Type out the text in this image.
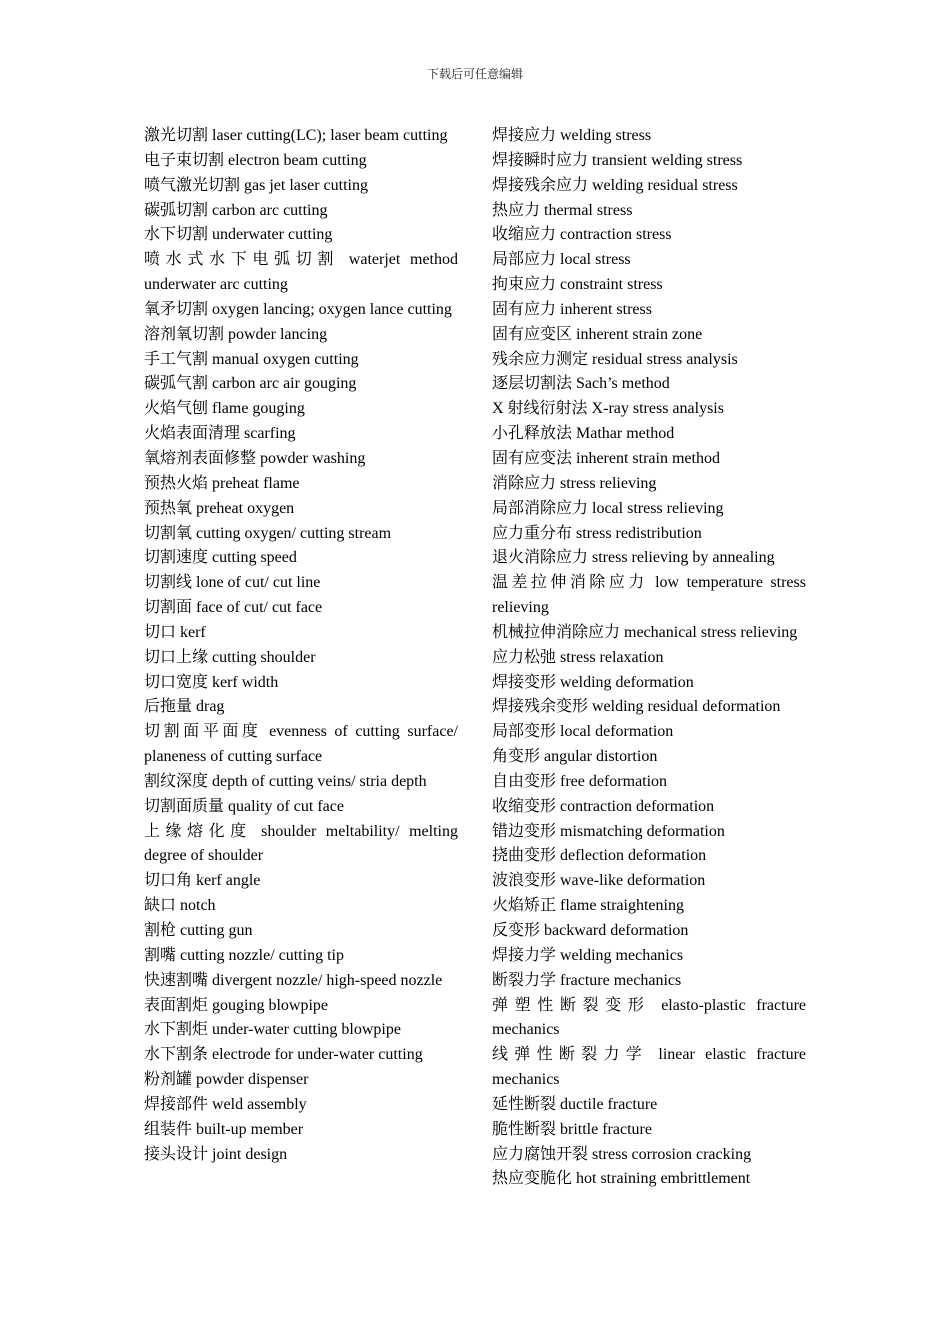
下载后可任意编辑
激光切割 laser cutting(LC); laser beam cutting
电子束切割 electron beam cutting
喷气激光切割 gas jet laser cutting
碳弧切割 carbon arc cutting
水下切割 underwater cutting
喷水式水下电弧切割 waterjet method underwater arc cutting
氧矛切割 oxygen lancing; oxygen lance cutting
溶剂氧切割 powder lancing
手工气割 manual oxygen cutting
碳弧气割 carbon arc air gouging
火焰气刨 flame gouging
火焰表面清理 scarfing
氧熔剂表面修整 powder washing
预热火焰 preheat flame
预热氧 preheat oxygen
切割氧 cutting oxygen/ cutting stream
切割速度 cutting speed
切割线 lone of cut/ cut line
切割面 face of cut/ cut face
切口 kerf
切口上缘 cutting shoulder
切口宽度 kerf width
后拖量 drag
切割面平面度 evenness of cutting surface/ planeness of cutting surface
割纹深度 depth of cutting veins/ stria depth
切割面质量 quality of cut face
上缘熔化度 shoulder meltability/ melting degree of shoulder
切口角 kerf angle
缺口 notch
割枪 cutting gun
割嘴 cutting nozzle/ cutting tip
快速割嘴 divergent nozzle/ high-speed nozzle
表面割炬 gouging blowpipe
水下割炬 under-water cutting blowpipe
水下割条 electrode for under-water cutting
粉剂罐 powder dispenser
焊接部件 weld assembly
组装件 built-up member
接头设计 joint design
焊接应力 welding stress
焊接瞬时应力 transient welding stress
焊接残余应力 welding residual stress
热应力 thermal stress
收缩应力 contraction stress
局部应力 local stress
拘束应力 constraint stress
固有应力 inherent stress
固有应变区 inherent strain zone
残余应力测定 residual stress analysis
逐层切割法 Sach’s method
X 射线衍射法 X-ray stress analysis
小孔释放法 Mathar method
固有应变法 inherent strain method
消除应力 stress relieving
局部消除应力 local stress relieving
应力重分布 stress redistribution
退火消除应力 stress relieving by annealing
温差拉伸消除应力 low temperature stress relieving
机械拉伸消除应力 mechanical stress relieving
应力松弛 stress relaxation
焊接变形 welding deformation
焊接残余变形 welding residual deformation
局部变形 local deformation
角变形 angular distortion
自由变形 free deformation
收缩变形 contraction deformation
错边变形 mismatching deformation
挠曲变形 deflection deformation
波浪变形 wave-like deformation
火焰矫正 flame straightening
反变形 backward deformation
焊接力学 welding mechanics
断裂力学 fracture mechanics
弹塑性断裂变形 elasto-plastic fracture mechanics
线弹性断裂力学 linear elastic fracture mechanics
延性断裂 ductile fracture
脆性断裂 brittle fracture
应力腐蚀开裂 stress corrosion cracking
热应变脆化 hot straining embrittlement
